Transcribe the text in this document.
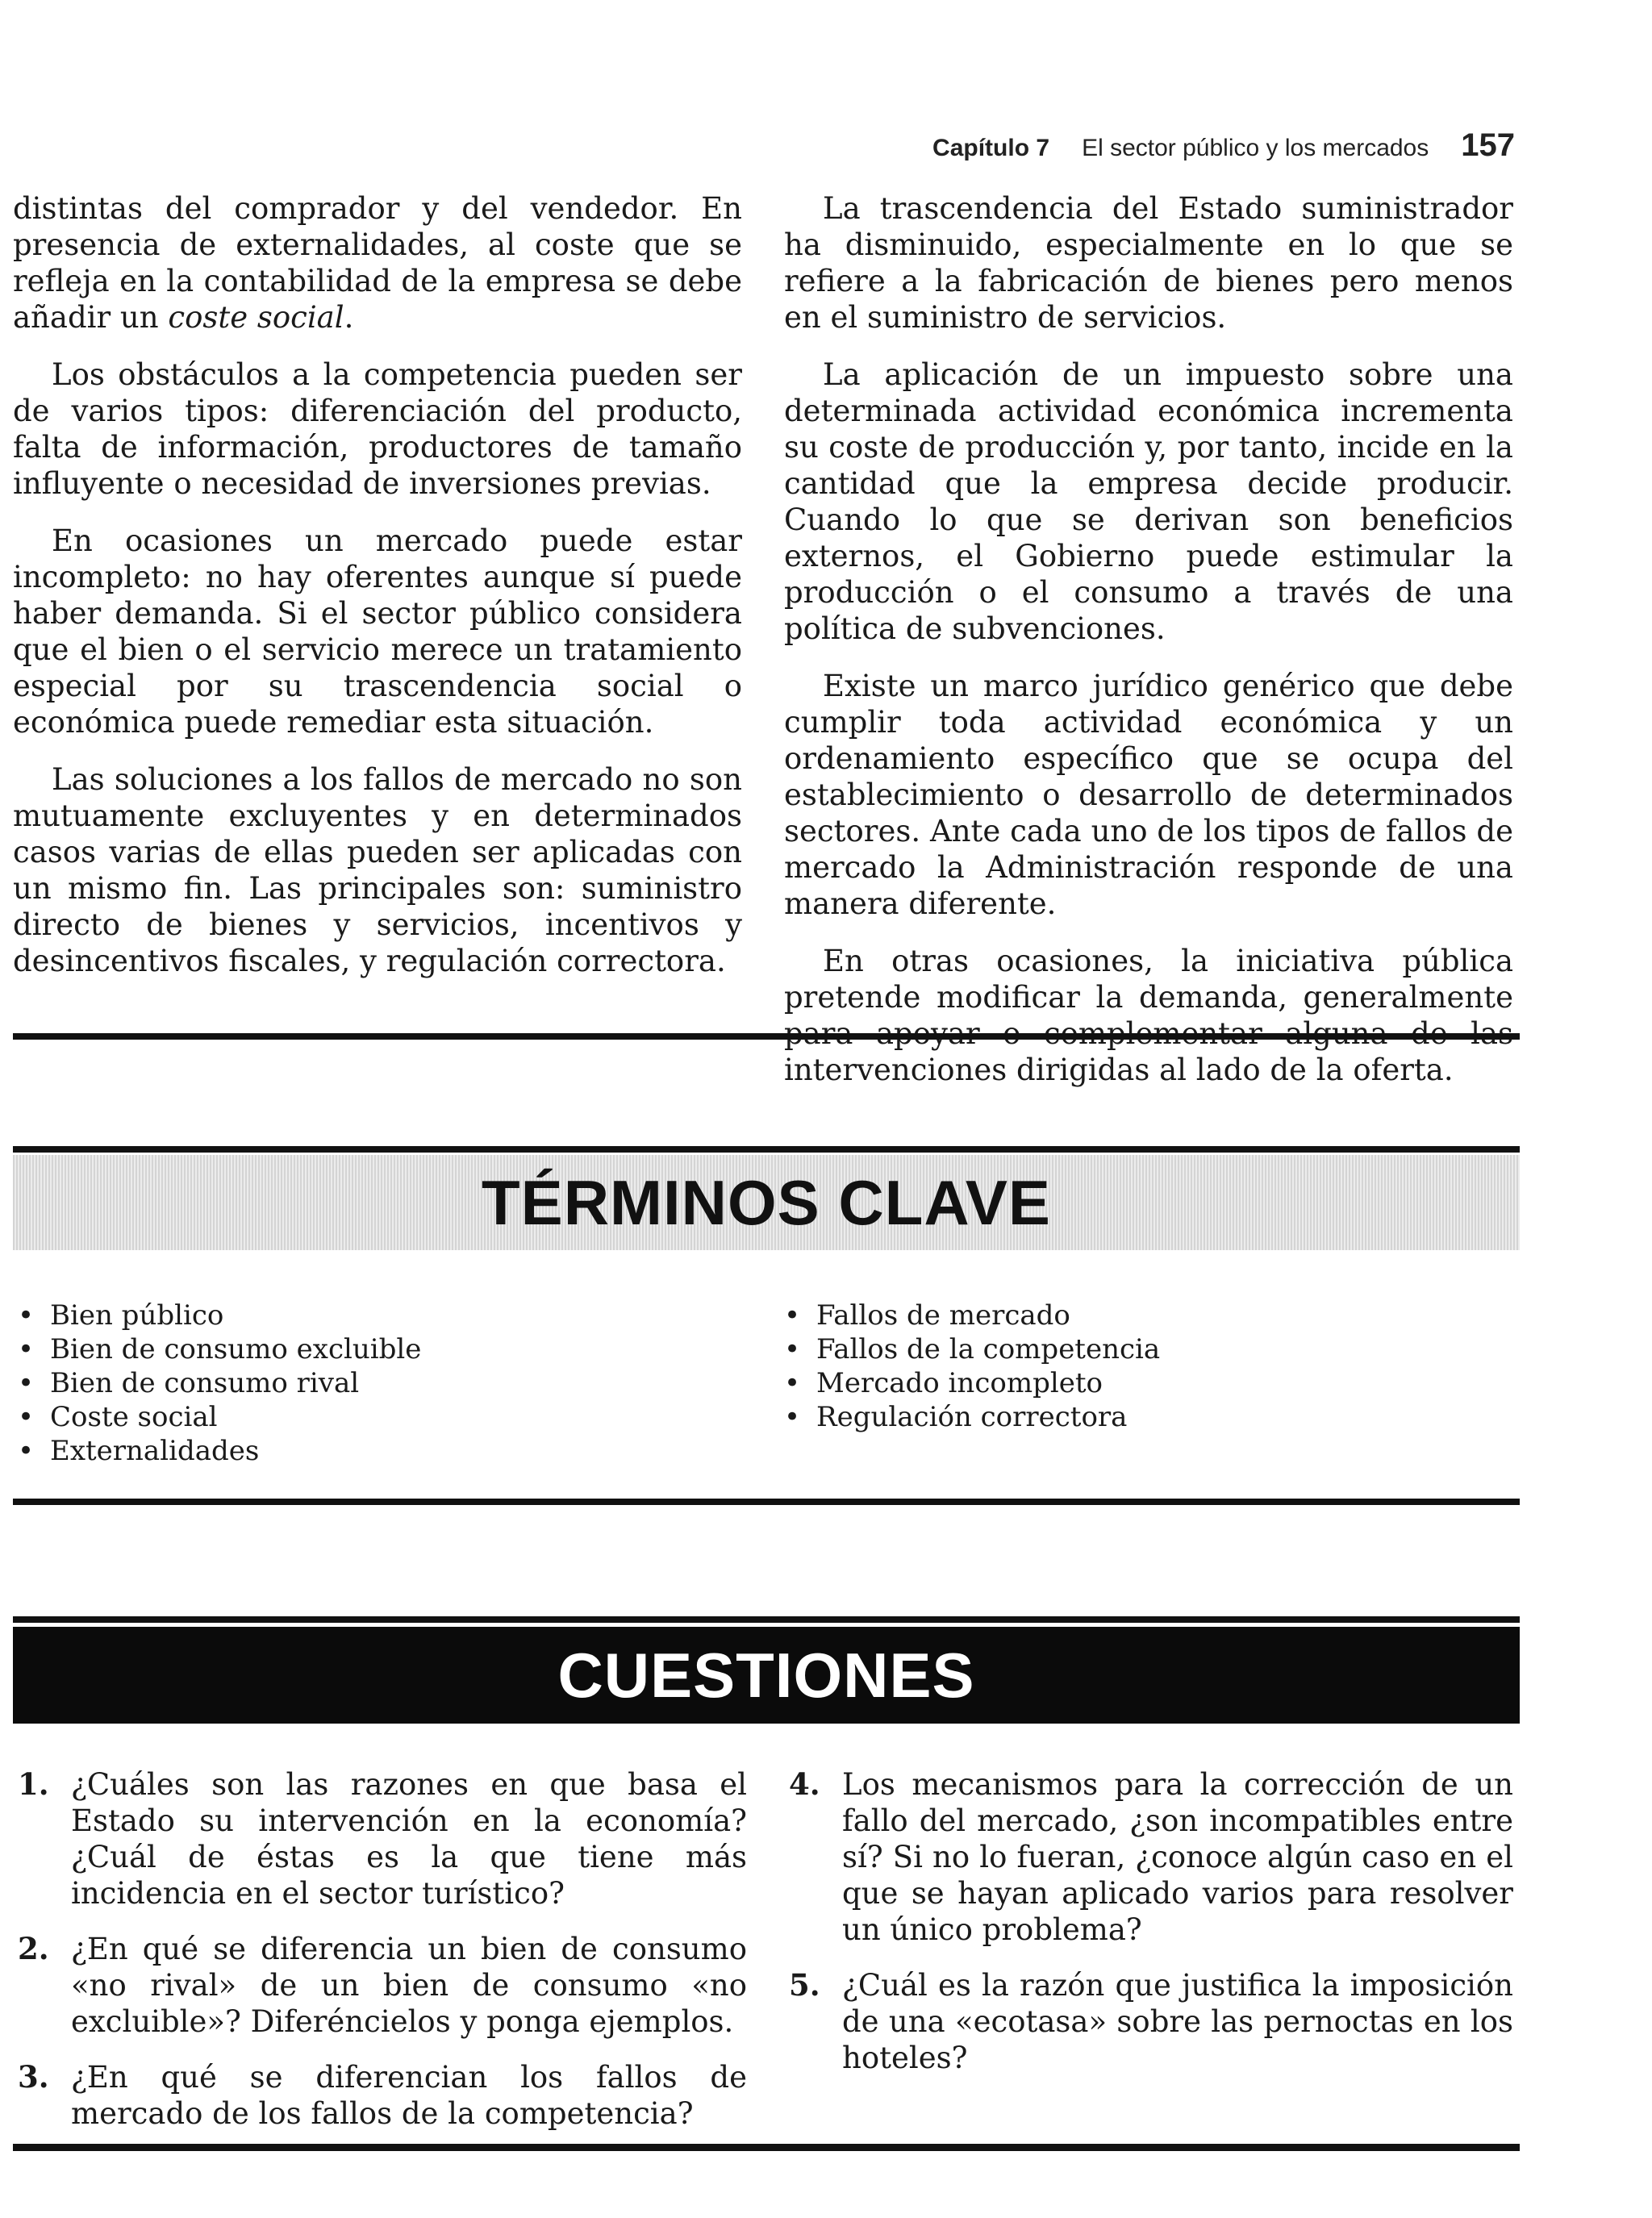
Capítulo 7 El sector público y los mercados 157

distintas del comprador y del vendedor. En presencia de externalidades, al coste que se refleja en la contabilidad de la empresa se debe añadir un coste social.

Los obstáculos a la competencia pueden ser de varios tipos: diferenciación del producto, falta de información, productores de tamaño influyente o necesidad de inversiones previas.

En ocasiones un mercado puede estar incompleto: no hay oferentes aunque sí puede haber demanda. Si el sector público considera que el bien o el servicio merece un tratamiento especial por su trascendencia social o económica puede remediar esta situación.

Las soluciones a los fallos de mercado no son mutuamente excluyentes y en determinados casos varias de ellas pueden ser aplicadas con un mismo fin. Las principales son: suministro directo de bienes y servicios, incentivos y desincentivos fiscales, y regulación correctora.

La trascendencia del Estado suministrador ha disminuido, especialmente en lo que se refiere a la fabricación de bienes pero menos en el suministro de servicios.

La aplicación de un impuesto sobre una determinada actividad económica incrementa su coste de producción y, por tanto, incide en la cantidad que la empresa decide producir. Cuando lo que se derivan son beneficios externos, el Gobierno puede estimular la producción o el consumo a través de una política de subvenciones.

Existe un marco jurídico genérico que debe cumplir toda actividad económica y un ordenamiento específico que se ocupa del establecimiento o desarrollo de determinados sectores. Ante cada uno de los tipos de fallos de mercado la Administración responde de una manera diferente.

En otras ocasiones, la iniciativa pública pretende modificar la demanda, generalmente intervenciones dirigidas al lado de la oferta.

TÉRMINOS CLAVE
• Bien público
• Bien de consumo excluible
• Bien de consumo rival
• Coste social
• Externalidades
• Fallos de mercado
• Fallos de la competencia
• Mercado incompleto
• Regulación correctora
CUESTIONES
1. ¿Cuáles son las razones en que basa el Estado su intervención en la economía? ¿Cuál de éstas es la que tiene más incidencia en el sector turístico?
2. ¿En qué se diferencia un bien de consumo «no rival» de un bien de consumo «no excluible»? Diferéncielos y ponga ejemplos.
3. ¿En qué se diferencian los fallos de mercado de los fallos de la competencia?
4. Los mecanismos para la corrección de un fallo del mercado, ¿son incompatibles entre sí? Si no lo fueran, ¿conoce algún caso en el que se hayan aplicado varios para resolver un único problema?
5. ¿Cuál es la razón que justifica la imposición de una «ecotasa» sobre las pernoctas en los hoteles?
